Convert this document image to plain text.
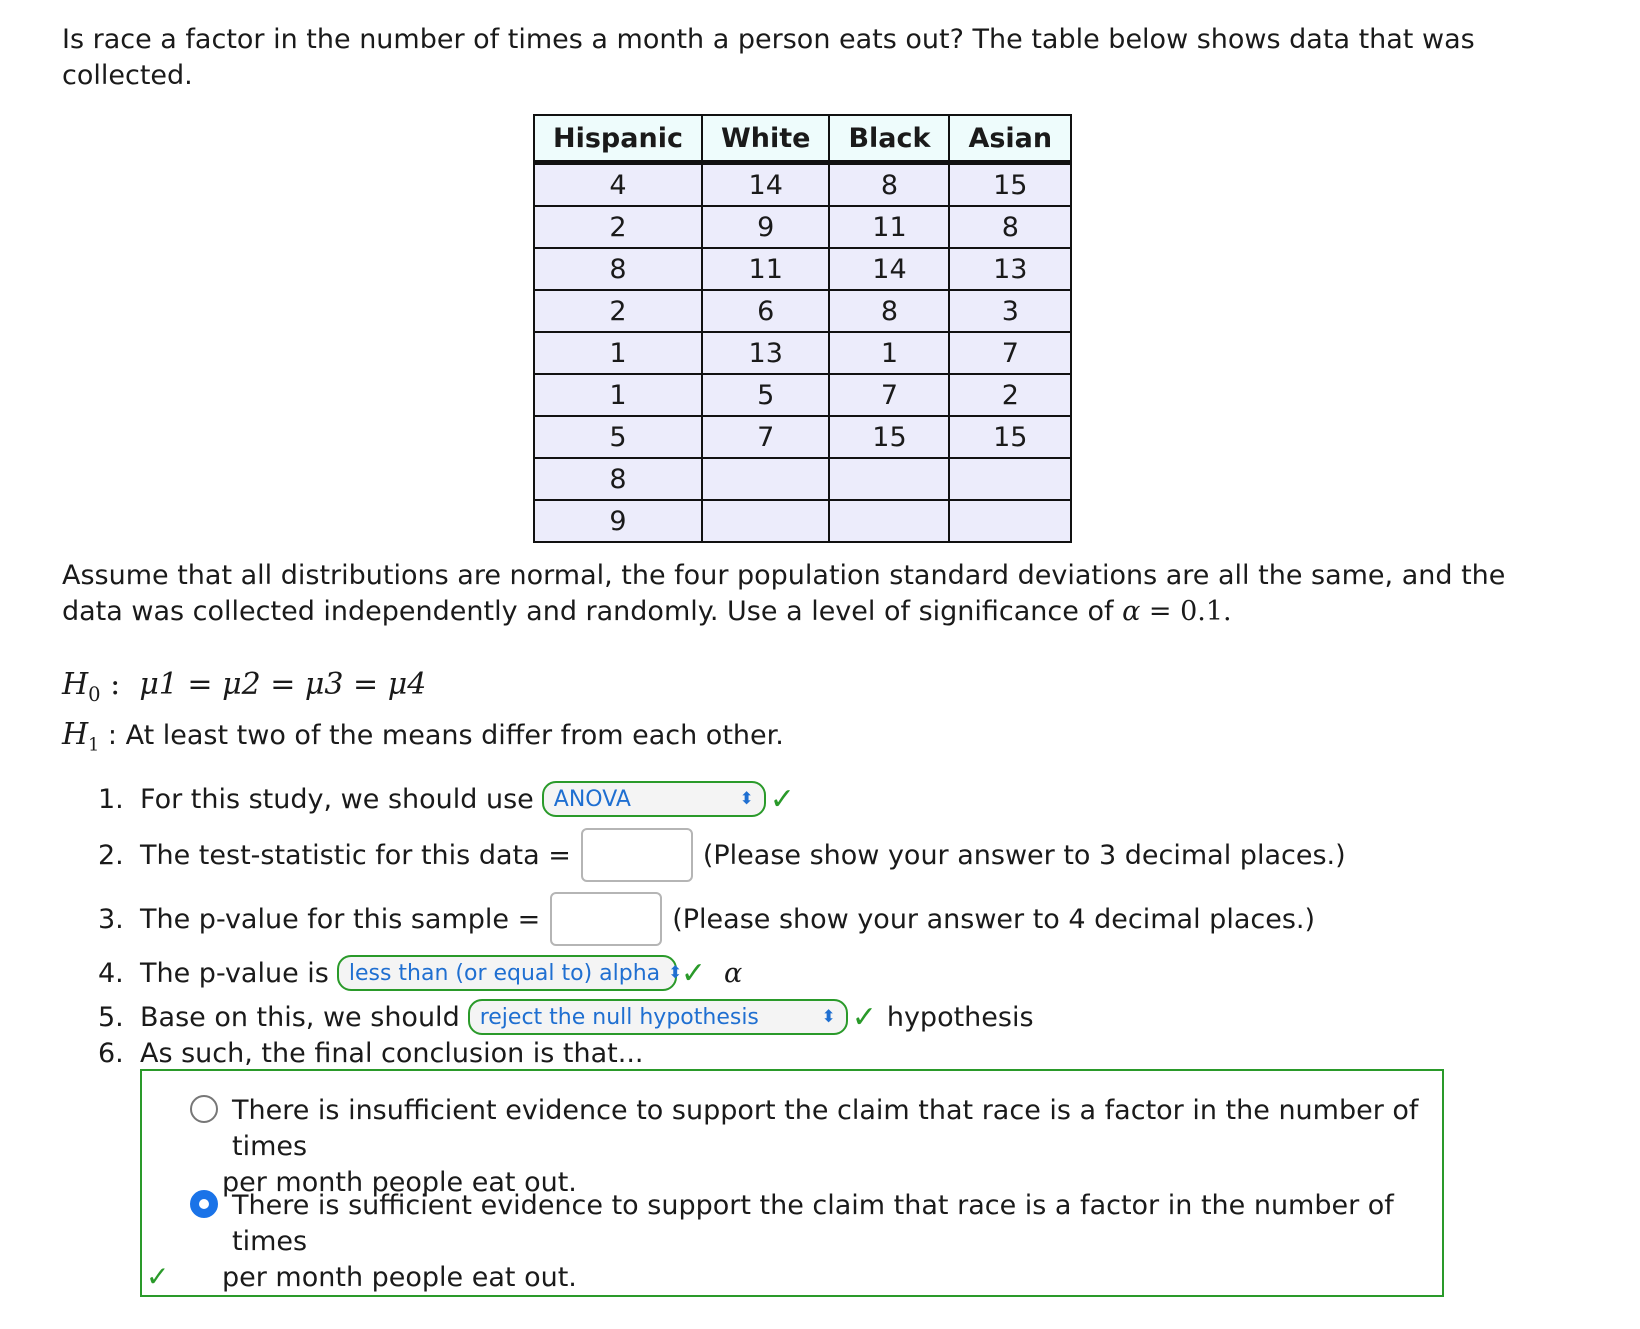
Is race a factor in the number of times a month a person eats out? The table below shows data that was collected.
Hispanic	White	Black	Asian
4	14	8	15
2	9	11	8
8	11	14	13
2	6	8	3
1	13	1	7
1	5	7	2
5	7	15	15
8			
9			
Assume that all distributions are normal, the four population standard deviations are all the same, and the data was collected independently and randomly. Use a level of significance of α = 0.1.
$H_0$ :  μ1 = μ2 = μ3 = μ4
$H_1$ : At least two of the means differ from each other.
1. For this study, we should use ANOVA	⬍ ✓
2. The test-statistic for this data =	(Please show your answer to 3 decimal places.)
3. The p-value for this sample =	(Please show your answer to 4 decimal places.)
4. The p-value is less than (or equal to) alpha ⬍
✓ α
5. Base on this, we should reject the null hypothesis	⬍ ✓ hypothesis
6. As such, the final conclusion is that...
There is insufficient evidence to support the claim that race is a factor in the number of times
per month people eat out.
There is sufficient evidence to support the claim that race is a factor in the number of times
per month people eat out.
✓
